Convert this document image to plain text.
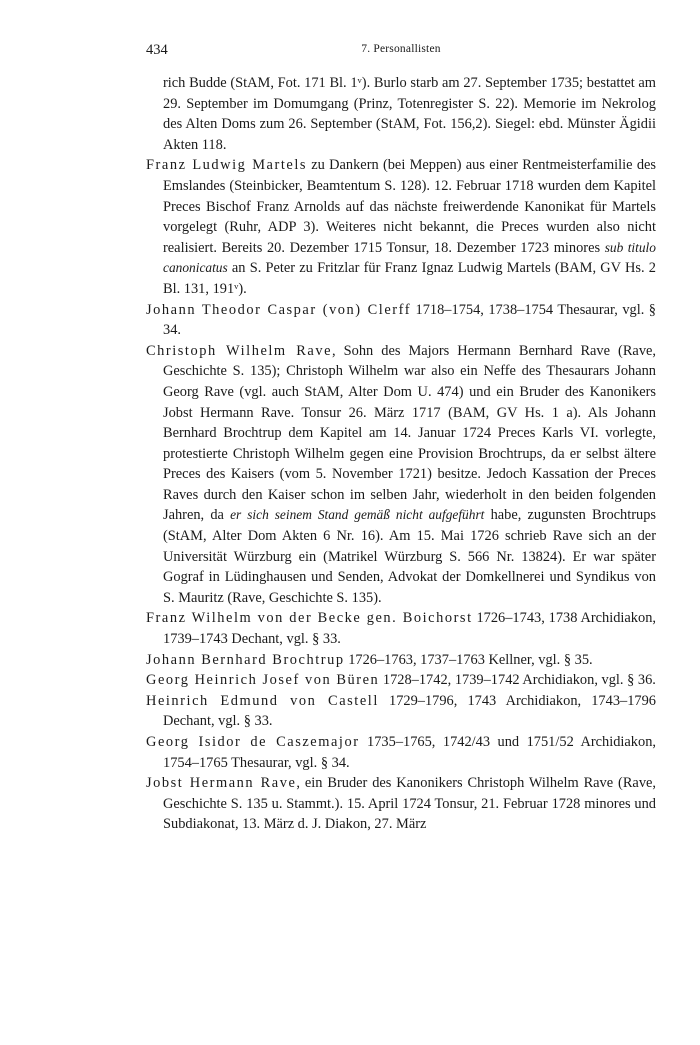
434	7. Personallisten

rich Budde (StAM, Fot. 171 Bl. 1ᵛ). Burlo starb am 27. September 1735; bestattet am 29. September im Domumgang (Prinz, Totenregister S. 22). Memorie im Nekrolog des Alten Doms zum 26. September (StAM, Fot. 156,2). Siegel: ebd. Münster Ägidii Akten 118.

Franz Ludwig Martels zu Dankern (bei Meppen) aus einer Rentmeisterfamilie des Emslandes (Steinbicker, Beamtentum S. 128). 12. Februar 1718 wurden dem Kapitel Preces Bischof Franz Arnolds auf das nächste freiwerdende Kanonikat für Martels vorgelegt (Ruhr, ADP 3). Weiteres nicht bekannt, die Preces wurden also nicht realisiert. Bereits 20. Dezember 1715 Tonsur, 18. Dezember 1723 minores sub titulo canonicatus an S. Peter zu Fritzlar für Franz Ignaz Ludwig Martels (BAM, GV Hs. 2 Bl. 131, 191ᵛ).

Johann Theodor Caspar (von) Clerff 1718–1754, 1738–1754 Thesaurar, vgl. § 34.

Christoph Wilhelm Rave, Sohn des Majors Hermann Bernhard Rave (Rave, Geschichte S. 135); Christoph Wilhelm war also ein Neffe des Thesaurars Johann Georg Rave (vgl. auch StAM, Alter Dom U. 474) und ein Bruder des Kanonikers Jobst Hermann Rave. Tonsur 26. März 1717 (BAM, GV Hs. 1 a). Als Johann Bernhard Brochtrup dem Kapitel am 14. Januar 1724 Preces Karls VI. vorlegte, protestierte Christoph Wilhelm gegen eine Provision Brochtrups, da er selbst ältere Preces des Kaisers (vom 5. November 1721) besitze. Jedoch Kassation der Preces Raves durch den Kaiser schon im selben Jahr, wiederholt in den beiden folgenden Jahren, da er sich seinem Stand gemäß nicht aufgeführt habe, zugunsten Brochtrups (StAM, Alter Dom Akten 6 Nr. 16). Am 15. Mai 1726 schrieb Rave sich an der Universität Würzburg ein (Matrikel Würzburg S. 566 Nr. 13824). Er war später Gograf in Lüdinghausen und Senden, Advokat der Domkellnerei und Syndikus von S. Mauritz (Rave, Geschichte S. 135).

Franz Wilhelm von der Becke gen. Boichorst 1726–1743, 1738 Archidiakon, 1739–1743 Dechant, vgl. § 33.

Johann Bernhard Brochtrup 1726–1763, 1737–1763 Kellner, vgl. § 35.

Georg Heinrich Josef von Büren 1728–1742, 1739–1742 Archidiakon, vgl. § 36.

Heinrich Edmund von Castell 1729–1796, 1743 Archidiakon, 1743–1796 Dechant, vgl. § 33.

Georg Isidor de Caszemajor 1735–1765, 1742/43 und 1751/52 Archidiakon, 1754–1765 Thesaurar, vgl. § 34.

Jobst Hermann Rave, ein Bruder des Kanonikers Christoph Wilhelm Rave (Rave, Geschichte S. 135 u. Stammt.). 15. April 1724 Tonsur, 21. Februar 1728 minores und Subdiakonat, 13. März d. J. Diakon, 27. März
